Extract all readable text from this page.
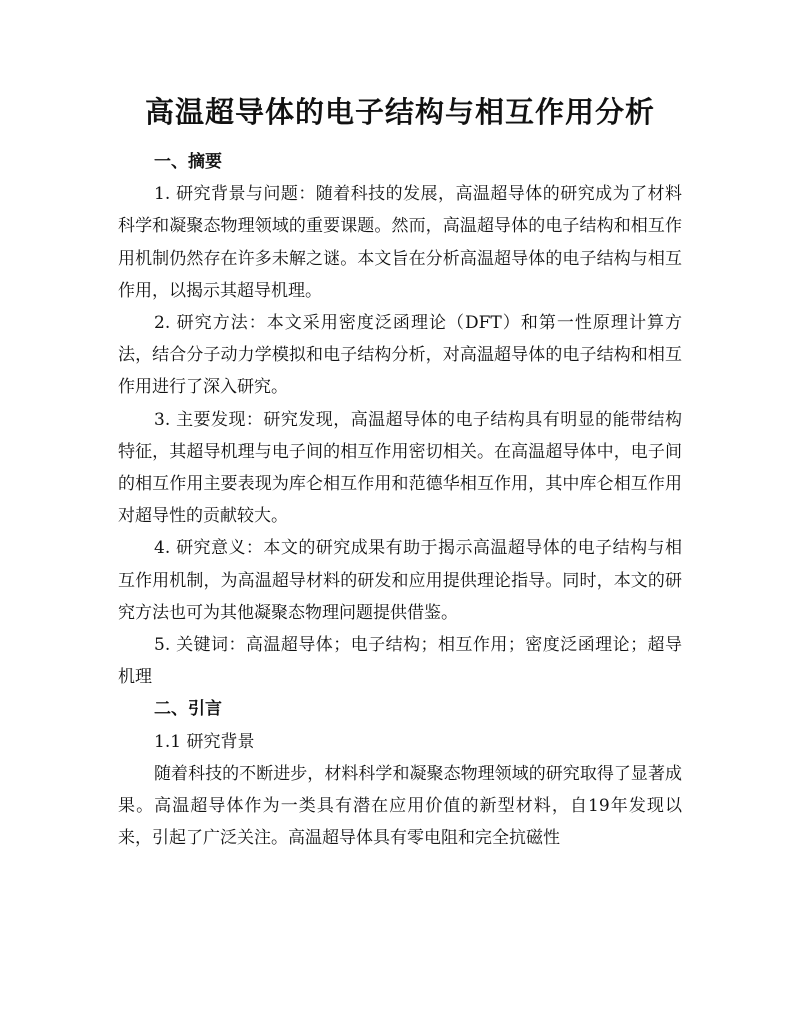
高温超导体的电子结构与相互作用分析

一、摘要

1. 研究背景与问题：随着科技的发展，高温超导体的研究成为了材料科学和凝聚态物理领域的重要课题。然而，高温超导体的电子结构和相互作用机制仍然存在许多未解之谜。本文旨在分析高温超导体的电子结构与相互作用，以揭示其超导机理。

2. 研究方法：本文采用密度泛函理论（DFT）和第一性原理计算方法，结合分子动力学模拟和电子结构分析，对高温超导体的电子结构和相互作用进行了深入研究。

3. 主要发现：研究发现，高温超导体的电子结构具有明显的能带结构特征，其超导机理与电子间的相互作用密切相关。在高温超导体中，电子间的相互作用主要表现为库仑相互作用和范德华相互作用，其中库仑相互作用对超导性的贡献较大。

4. 研究意义：本文的研究成果有助于揭示高温超导体的电子结构与相互作用机制，为高温超导材料的研发和应用提供理论指导。同时，本文的研究方法也可为其他凝聚态物理问题提供借鉴。

5. 关键词：高温超导体；电子结构；相互作用；密度泛函理论；超导机理

二、引言

1.1 研究背景

随着科技的不断进步，材料科学和凝聚态物理领域的研究取得了显著成果。高温超导体作为一类具有潜在应用价值的新型材料，自19年发现以来，引起了广泛关注。高温超导体具有零电阻和完全抗磁性
